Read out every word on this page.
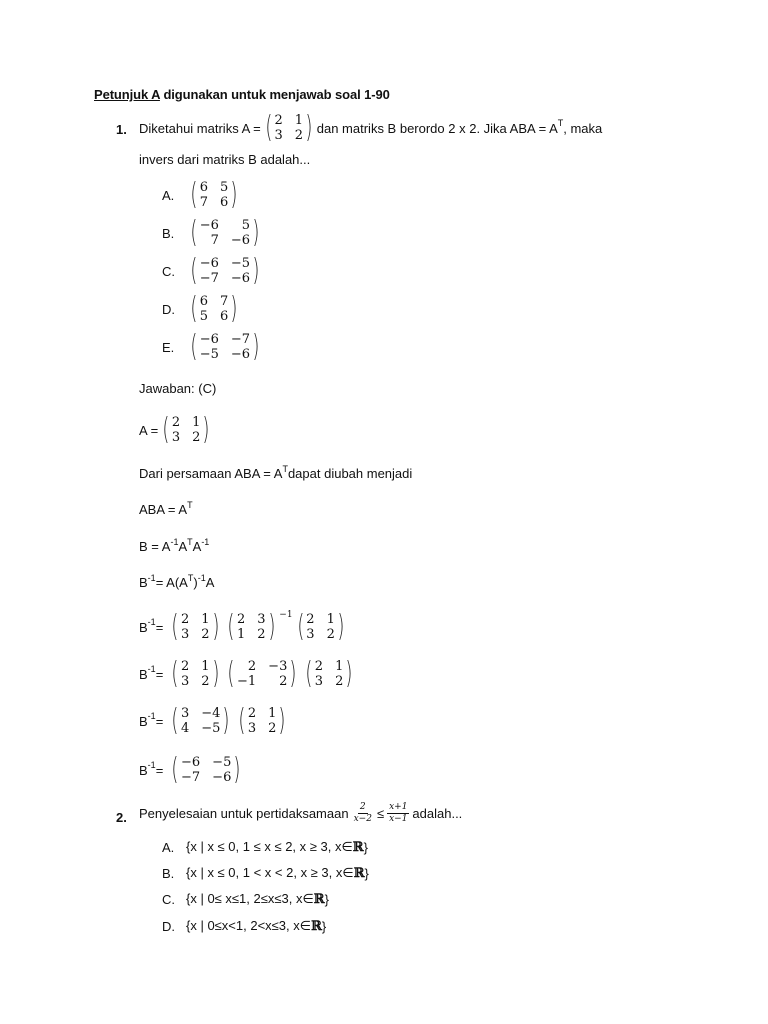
Petunjuk A digunakan untuk menjawab soal 1-90
1. Diketahui matriks A = ( 2 1
3 2 ) dan matriks B berordo 2 x 2. Jika ABA = A T , maka
invers dari matriks B adalah...
A. ( 6 5
7 6 )
B. ( −6	5
7 −6 )
C. ( −6 −5
−7 −6 )
D. ( 6 7
5 6 )
E. ( −6 −7
−5 −6 )
Jawaban: (C)
A = ( 2 1
3 2 )
Dari persamaan ABA = A T dapat diubah menjadi
ABA = A T
B = A -1 A T A -1
B -1 = A(A T ) -1 A
B -1 = ( 2 1
3 2 ) ( 2 3
1 2 ) −1 ( 2 1
3 2 )
B -1 = ( 2 1
3 2 ) (	2 −3
−1	2 ) ( 2 1
3 2 )
B -1 = ( 3 −4
4 −5 ) ( 2 1
3 2 )
B -1 = ( −6 −5
−7 −6 )
2. Penyelesaian untuk pertidaksamaan $\frac{2}{x-2} \le \frac{x+1}{x-1}$ adalah...
A. {x | x ≤ 0, 1 ≤ x ≤ 2, x ≥ 3, x∈ ℝ }
B. {x | x ≤ 0, 1 < x < 2, x ≥ 3, x∈ ℝ }
C. {x | 0≤ x≤1, 2≤x≤3, x∈ ℝ }
D. {x | 0≤x<1, 2<x≤3, x∈ ℝ }
